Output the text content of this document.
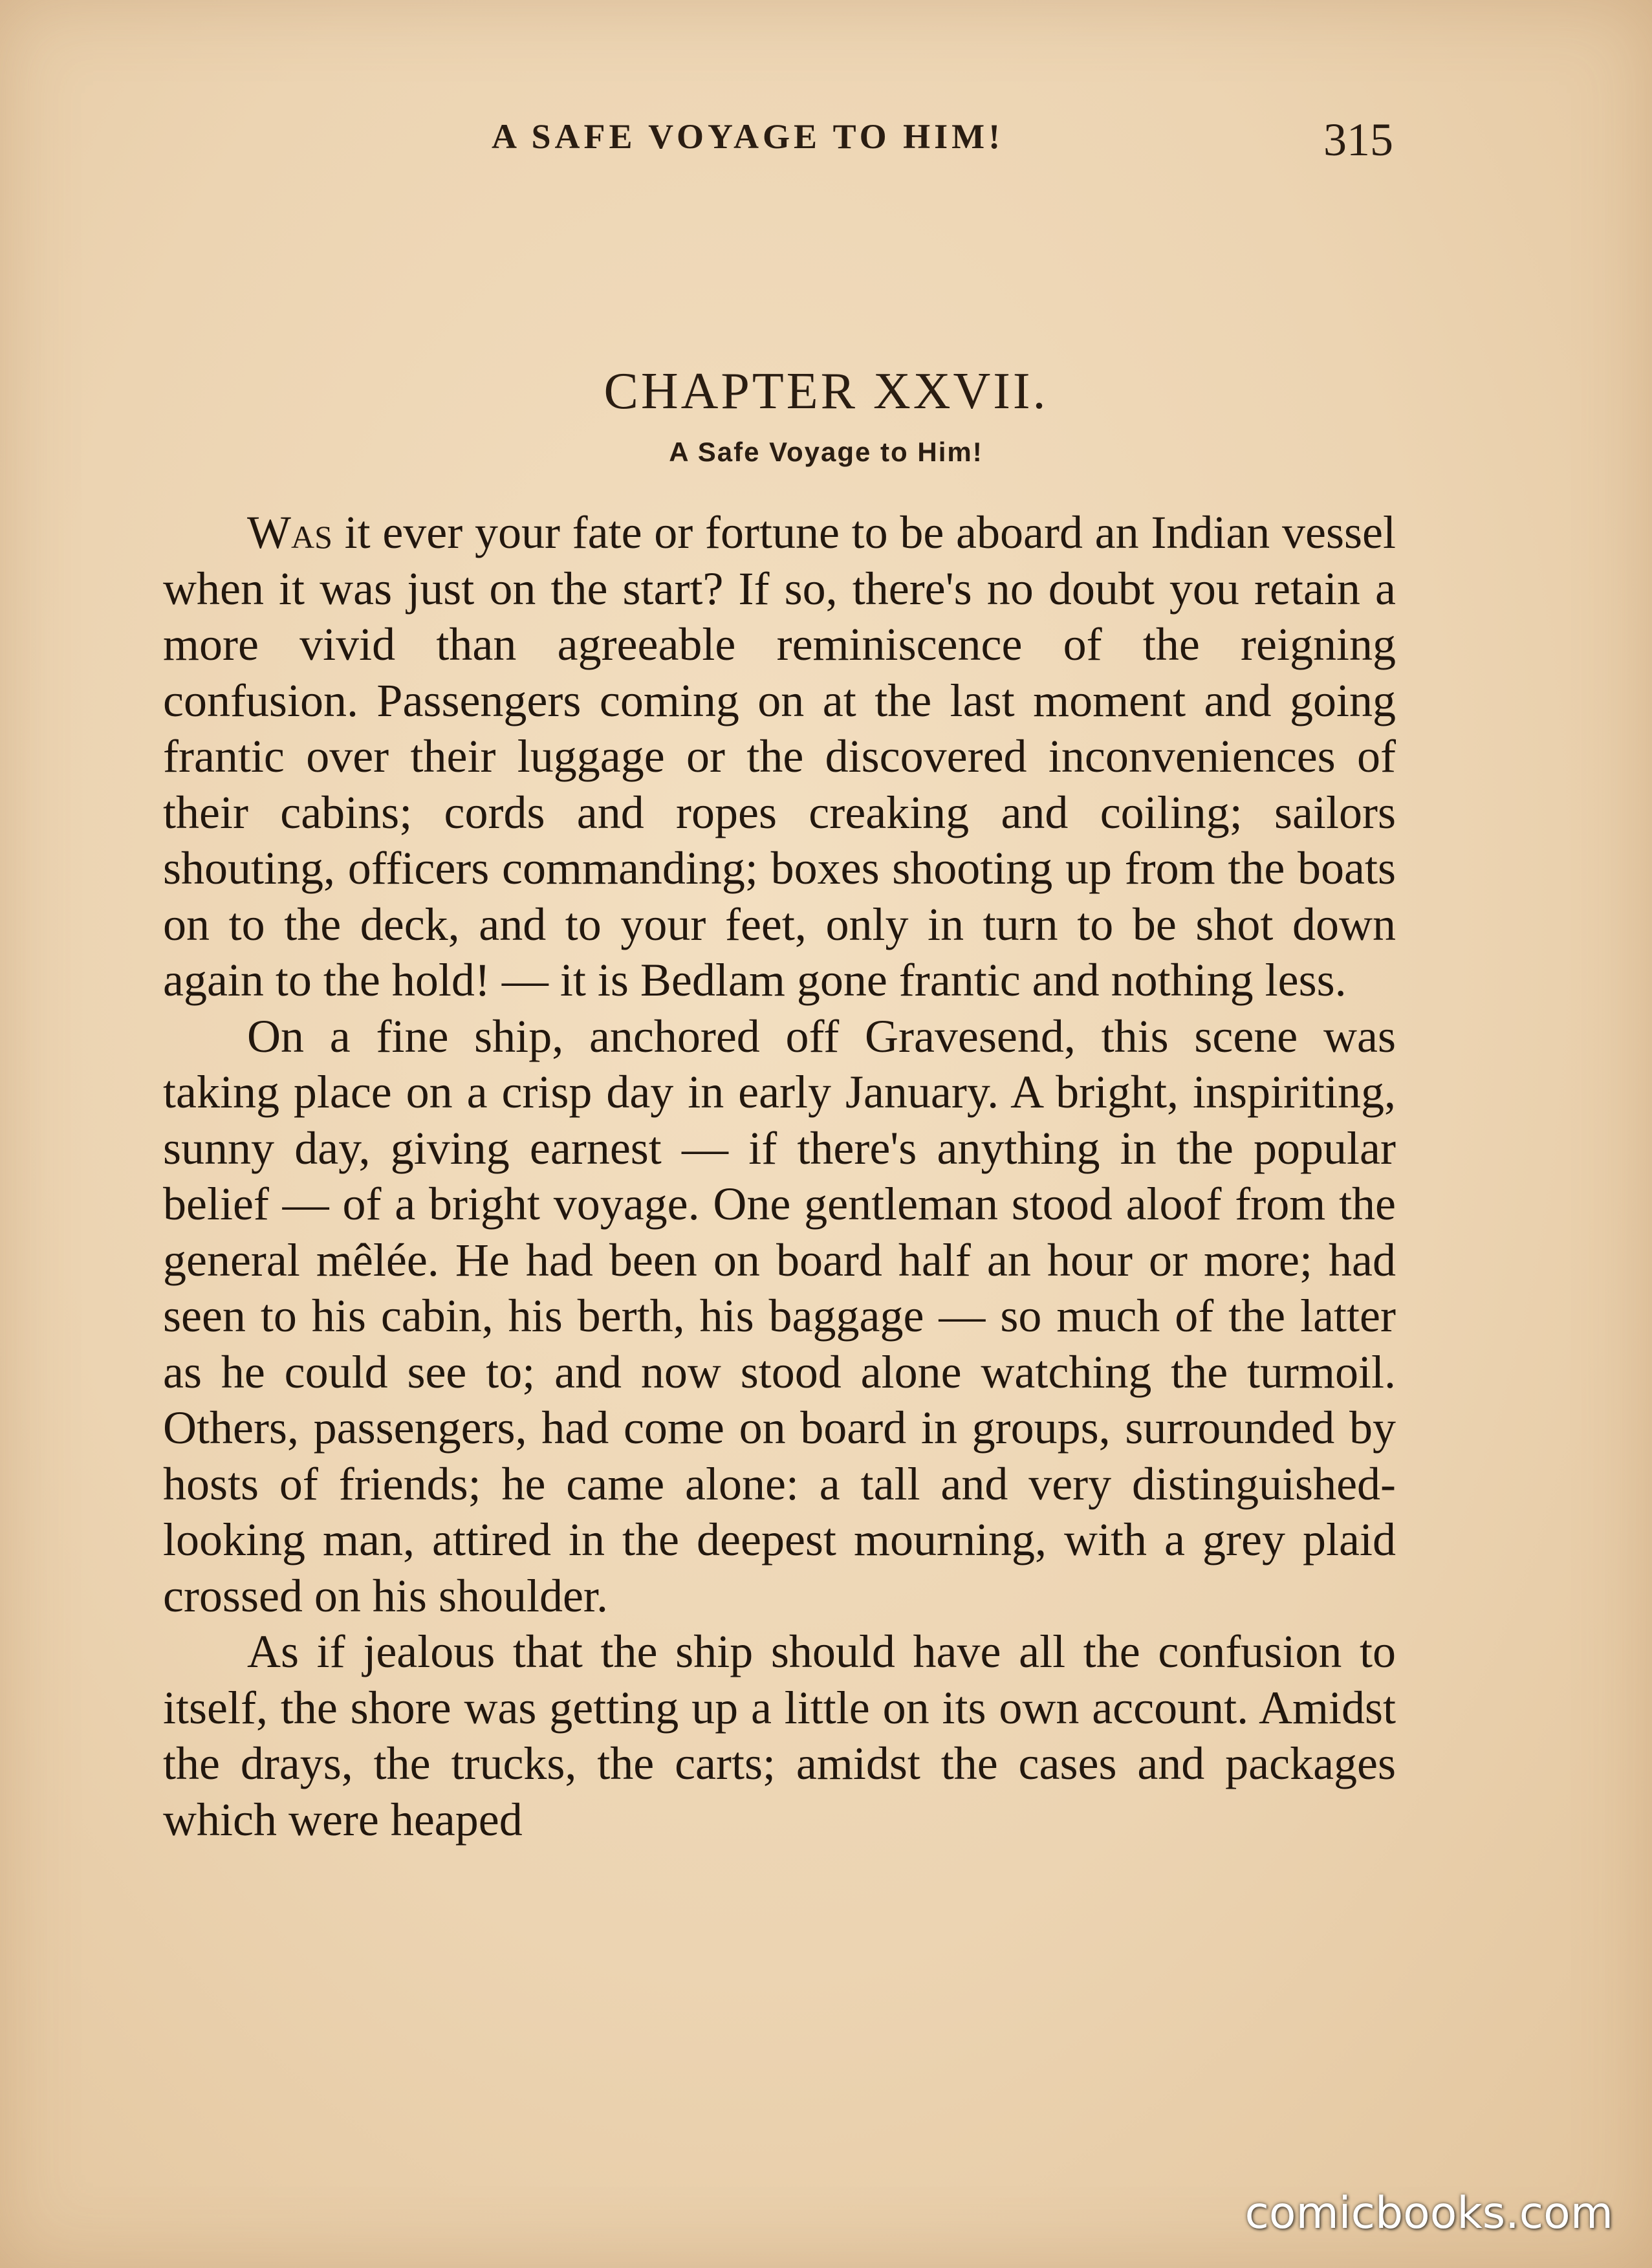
A SAFE VOYAGE TO HIM!	315
CHAPTER XXVII.
A Safe Voyage to Him!

Was it ever your fate or fortune to be aboard an Indian vessel when it was just on the start? If so, there's no doubt you retain a more vivid than agreeable reminiscence of the reigning confusion. Passengers coming on at the last moment and going frantic over their luggage or the discovered inconveniences of their cabins; cords and ropes creaking and coiling; sailors shouting, officers commanding; boxes shooting up from the boats on to the deck, and to your feet, only in turn to be shot down again to the hold! — it is Bedlam gone frantic and nothing less.

On a fine ship, anchored off Gravesend, this scene was taking place on a crisp day in early January. A bright, inspiriting, sunny day, giving earnest — if there's anything in the popular belief — of a bright voyage. One gentleman stood aloof from the general mêlée. He had been on board half an hour or more; had seen to his cabin, his berth, his baggage — so much of the latter as he could see to; and now stood alone watching the turmoil. Others, passengers, had come on board in groups, surrounded by hosts of friends; he came alone: a tall and very distinguished-looking man, attired in the deepest mourning, with a grey plaid crossed on his shoulder.

As if jealous that the ship should have all the confusion to itself, the shore was getting up a little on its own account. Amidst the drays, the trucks, the carts; amidst the cases and packages which were heaped

comicbooks.com
